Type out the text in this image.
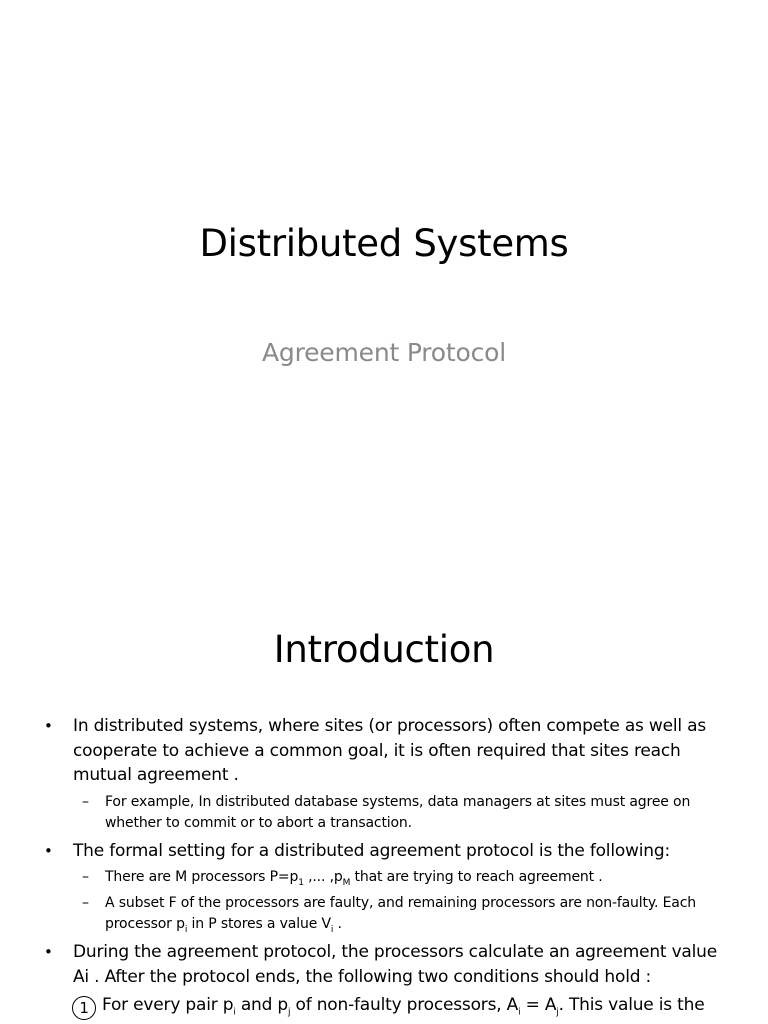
Distributed Systems
Agreement Protocol
Introduction
• In distributed systems, where sites (or processors) often compete as well as cooperate to achieve a common goal, it is often required that sites reach mutual agreement .
– For example, In distributed database systems, data managers at sites must agree on whether to commit or to abort a transaction.
• The formal setting for a distributed agreement protocol is the following:
– There are M processors $P=p_1$ ,... $,p_M$ that are trying to reach agreement .
– A subset F of the processors are faulty, and remaining processors are non-faulty. Each processor $p_i$ in P stores a value $V_i$ .
• During the agreement protocol, the processors calculate an agreement value Ai . After the protocol ends, the following two conditions should hold :
1 For every pair $p_i$ and $p_j$ of non-faulty processors, $A_i = A_j$. This value is the
